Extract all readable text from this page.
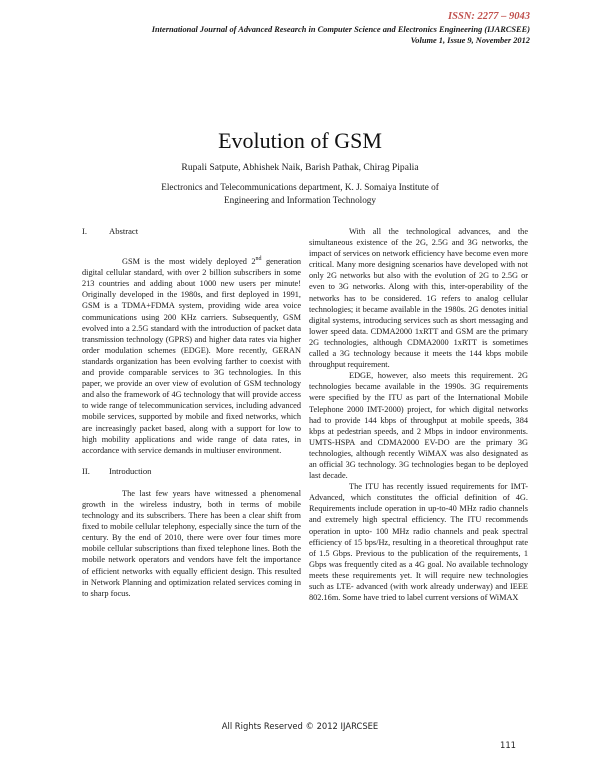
ISSN: 2277 – 9043
International Journal of Advanced Research in Computer Science and Electronics Engineering (IJARCSEE)
Volume 1, Issue 9, November 2012
Evolution of GSM
Rupali Satpute, Abhishek Naik, Barish Pathak, Chirag Pipalia
Electronics and Telecommunications department, K. J. Somaiya Institute of Engineering and Information Technology
I.	Abstract

GSM is the most widely deployed 2nd generation digital cellular standard, with over 2 billion subscribers in some 213 countries and adding about 1000 new users per minute! Originally developed in the 1980s, and first deployed in 1991, GSM is a TDMA+FDMA system, providing wide area voice communications using 200 KHz carriers. Subsequently, GSM evolved into a 2.5G standard with the introduction of packet data transmission technology (GPRS) and higher data rates via higher order modulation schemes (EDGE). More recently, GERAN standards organization has been evolving farther to coexist with and provide comparable services to 3G technologies. In this paper, we provide an over view of evolution of GSM technology and also the framework of 4G technology that will provide access to wide range of telecommunication services, including advanced mobile services, supported by mobile and fixed networks, which are increasingly packet based, along with a support for low to high mobility applications and wide range of data rates, in accordance with service demands in multiuser environment.

II.	Introduction

The last few years have witnessed a phenomenal growth in the wireless industry, both in terms of mobile technology and its subscribers. There has been a clear shift from fixed to mobile cellular telephony, especially since the turn of the century. By the end of 2010, there were over four times more mobile cellular subscriptions than fixed telephone lines. Both the mobile network operators and vendors have felt the importance of efficient networks with equally efficient design. This resulted in Network Planning and optimization related services coming in to sharp focus.

With all the technological advances, and the simultaneous existence of the 2G, 2.5G and 3G networks, the impact of services on network efficiency have become even more critical. Many more designing scenarios have developed with not only 2G networks but also with the evolution of 2G to 2.5G or even to 3G networks. Along with this, inter-operability of the networks has to be considered. 1G refers to analog cellular technologies; it became available in the 1980s. 2G denotes initial digital systems, introducing services such as short messaging and lower speed data. CDMA2000 1xRTT and GSM are the primary 2G technologies, although CDMA2000 1xRTT is sometimes called a 3G technology because it meets the 144 kbps mobile throughput requirement.

EDGE, however, also meets this requirement. 2G technologies became available in the 1990s. 3G requirements were specified by the ITU as part of the International Mobile Telephone 2000 IMT-2000) project, for which digital networks had to provide 144 kbps of throughput at mobile speeds, 384 kbps at pedestrian speeds, and 2 Mbps in indoor environments. UMTS-HSPA and CDMA2000 EV-DO are the primary 3G technologies, although recently WiMAX was also designated as an official 3G technology. 3G technologies began to be deployed last decade.

The ITU has recently issued requirements for IMT-Advanced, which constitutes the official definition of 4G. Requirements include operation in up-to-40 MHz radio channels and extremely high spectral efficiency. The ITU recommends operation in upto- 100 MHz radio channels and peak spectral efficiency of 15 bps/Hz, resulting in a theoretical throughput rate of 1.5 Gbps. Previous to the publication of the requirements, 1 Gbps was frequently cited as a 4G goal. No available technology meets these requirements yet. It will require new technologies such as LTE- advanced (with work already underway) and IEEE 802.16m. Some have tried to label current versions of WiMAX

All Rights Reserved © 2012 IJARCSEE
111
